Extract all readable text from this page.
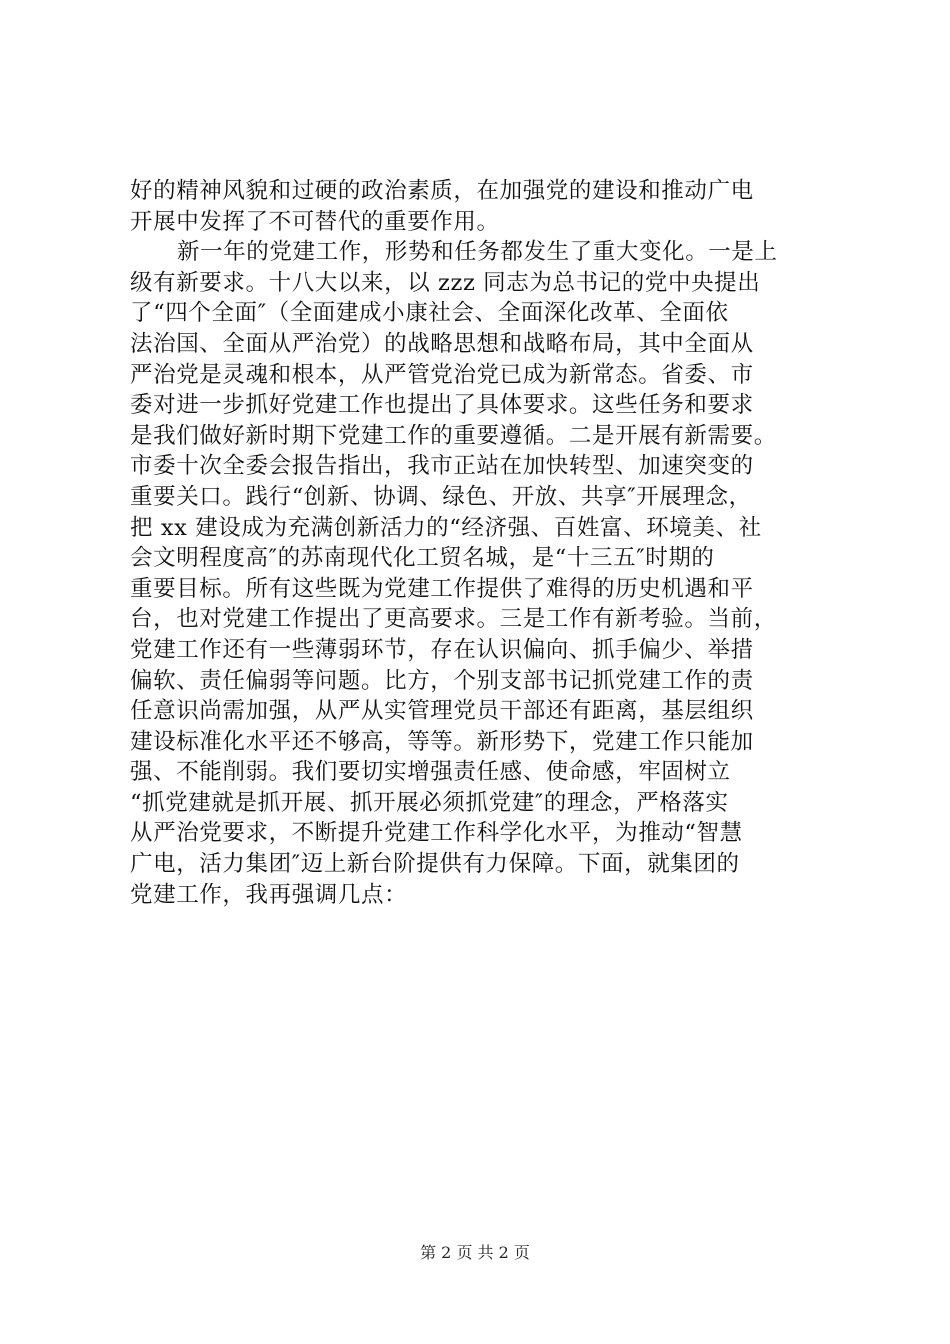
好的精神风貌和过硬的政治素质，在加强党的建设和推动广电
开展中发挥了不可替代的重要作用。
新一年的党建工作，形势和任务都发生了重大变化。一是上
级有新要求。十八大以来，以 zzz 同志为总书记的党中央提出
了“四个全面″（全面建成小康社会、全面深化改革、全面依
法治国、全面从严治党）的战略思想和战略布局，其中全面从
严治党是灵魂和根本，从严管党治党已成为新常态。省委、市
委对进一步抓好党建工作也提出了具体要求。这些任务和要求
是我们做好新时期下党建工作的重要遵循。二是开展有新需要。
市委十次全委会报告指出，我市正站在加快转型、加速突变的
重要关口。践行“创新、协调、绿色、开放、共享″开展理念，
把 xx 建设成为充满创新活力的“经济强、百姓富、环境美、社
会文明程度高″的苏南现代化工贸名城，是“十三五″时期的
重要目标。所有这些既为党建工作提供了难得的历史机遇和平
台，也对党建工作提出了更高要求。三是工作有新考验。当前，
党建工作还有一些薄弱环节，存在认识偏向、抓手偏少、举措
偏软、责任偏弱等问题。比方，个别支部书记抓党建工作的责
任意识尚需加强，从严从实管理党员干部还有距离，基层组织
建设标准化水平还不够高，等等。新形势下，党建工作只能加
强、不能削弱。我们要切实增强责任感、使命感，牢固树立
“抓党建就是抓开展、抓开展必须抓党建″的理念，严格落实
从严治党要求，不断提升党建工作科学化水平，为推动“智慧
广电，活力集团″迈上新台阶提供有力保障。下面，就集团的
党建工作，我再强调几点：
第 2 页 共 2 页
